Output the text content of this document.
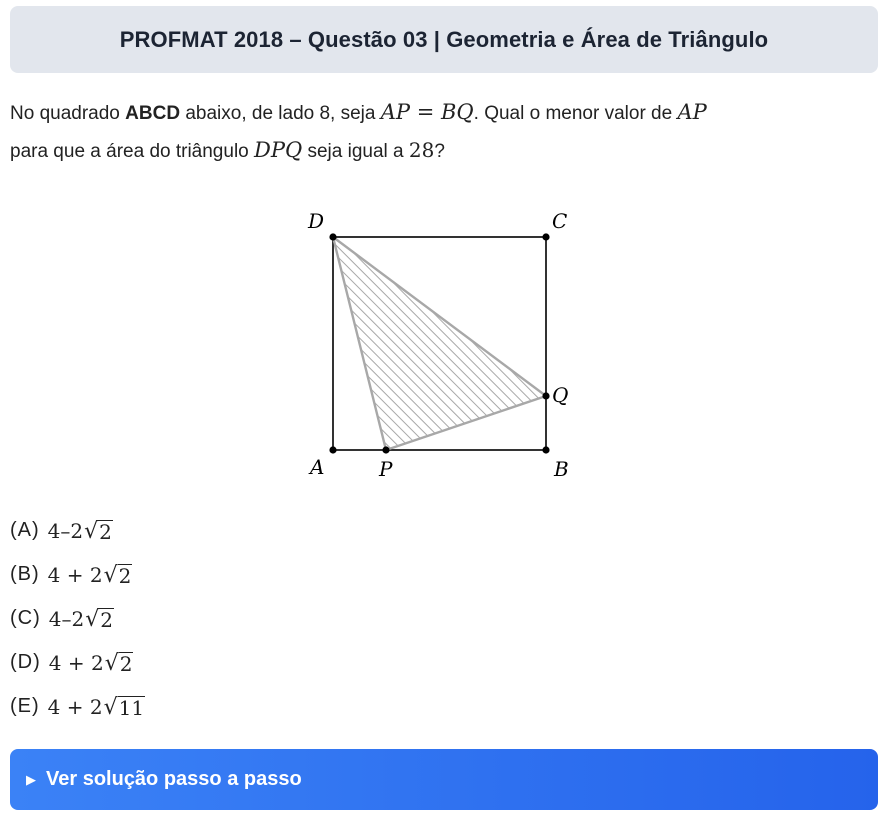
PROFMAT 2018 – Questão 03 | Geometria e Área de Triângulo
No quadrado ABCD abaixo, de lado 8, seja AP = BQ. Qual o menor valor de AP
para que a área do triângulo DPQ seja igual a 28?
D	C
Q
A	P	B
(A) 4–2 √ 2
(B) 4 + 2 √ 2
(C) 4–2 √ 2
(D) 4 + 2 √ 2
(E) 4 + 2 √ 11
▶ Ver solução passo a passo
